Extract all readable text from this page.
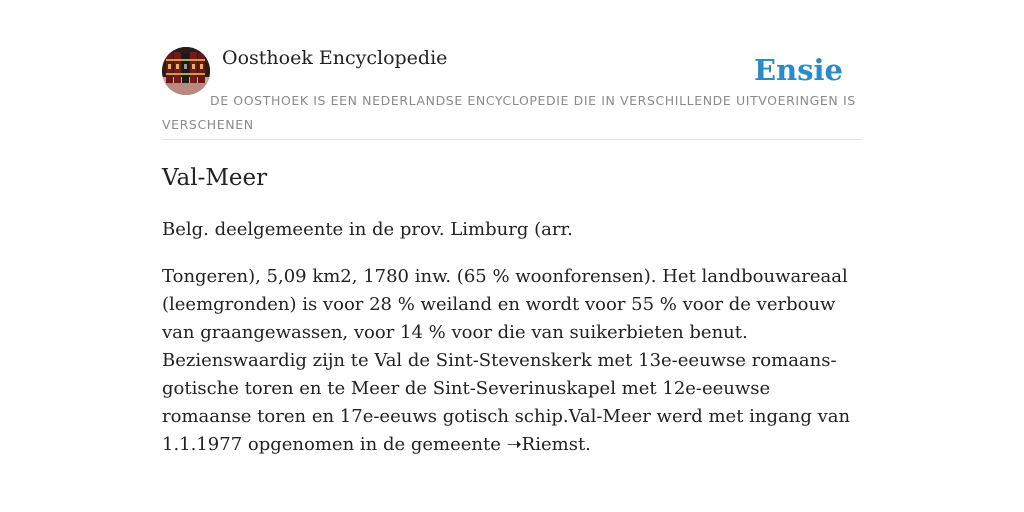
Oosthoek Encyclopedie	Ensie
DE OOSTHOEK IS EEN NEDERLANDSE ENCYCLOPEDIE DIE IN VERSCHILLENDE UITVOERINGEN IS VERSCHENEN
Val-Meer

Belg. deelgemeente in de prov. Limburg (arr.

Tongeren), 5,09 km2, 1780 inw. (65 % woonforensen). Het landbouwareaal (leemgronden) is voor 28 % weiland en wordt voor 55 % voor de verbouw van graangewassen, voor 14 % voor die van suikerbieten benut. Bezienswaardig zijn te Val de Sint-Stevenskerk met 13e-eeuwse romaans-gotische toren en te Meer de Sint-Severinuskapel met 12e-eeuwse romaanse toren en 17e-eeuws gotisch schip.Val-Meer werd met ingang van 1.1.1977 opgenomen in de gemeente ➝Riemst.
